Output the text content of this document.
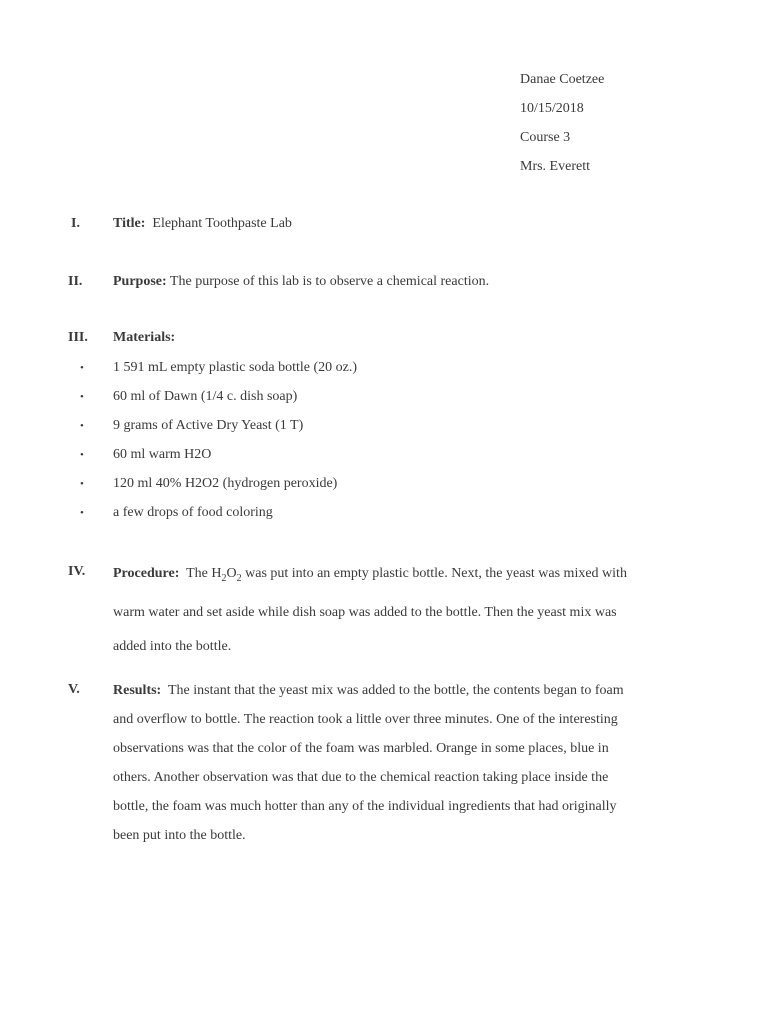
Danae Coetzee
10/15/2018
Course 3
Mrs. Everett
I. Title: Elephant Toothpaste Lab
II. Purpose: The purpose of this lab is to observe a chemical reaction.
III. Materials:
• 1 591 mL empty plastic soda bottle (20 oz.)
• 60 ml of Dawn (1/4 c. dish soap)
• 9 grams of Active Dry Yeast (1 T)
• 60 ml warm H2O
• 120 ml 40% H2O2 (hydrogen peroxide)
• a few drops of food coloring
IV. Procedure: The $H_2O_2$ was put into an empty plastic bottle. Next, the yeast was mixed with warm water and set aside while dish soap was added to the bottle. Then the yeast mix was added into the bottle.
V. Results: The instant that the yeast mix was added to the bottle, the contents began to foam and overflow to bottle. The reaction took a little over three minutes. One of the interesting observations was that the color of the foam was marbled. Orange in some places, blue in others. Another observation was that due to the chemical reaction taking place inside the bottle, the foam was much hotter than any of the individual ingredients that had originally been put into the bottle.
